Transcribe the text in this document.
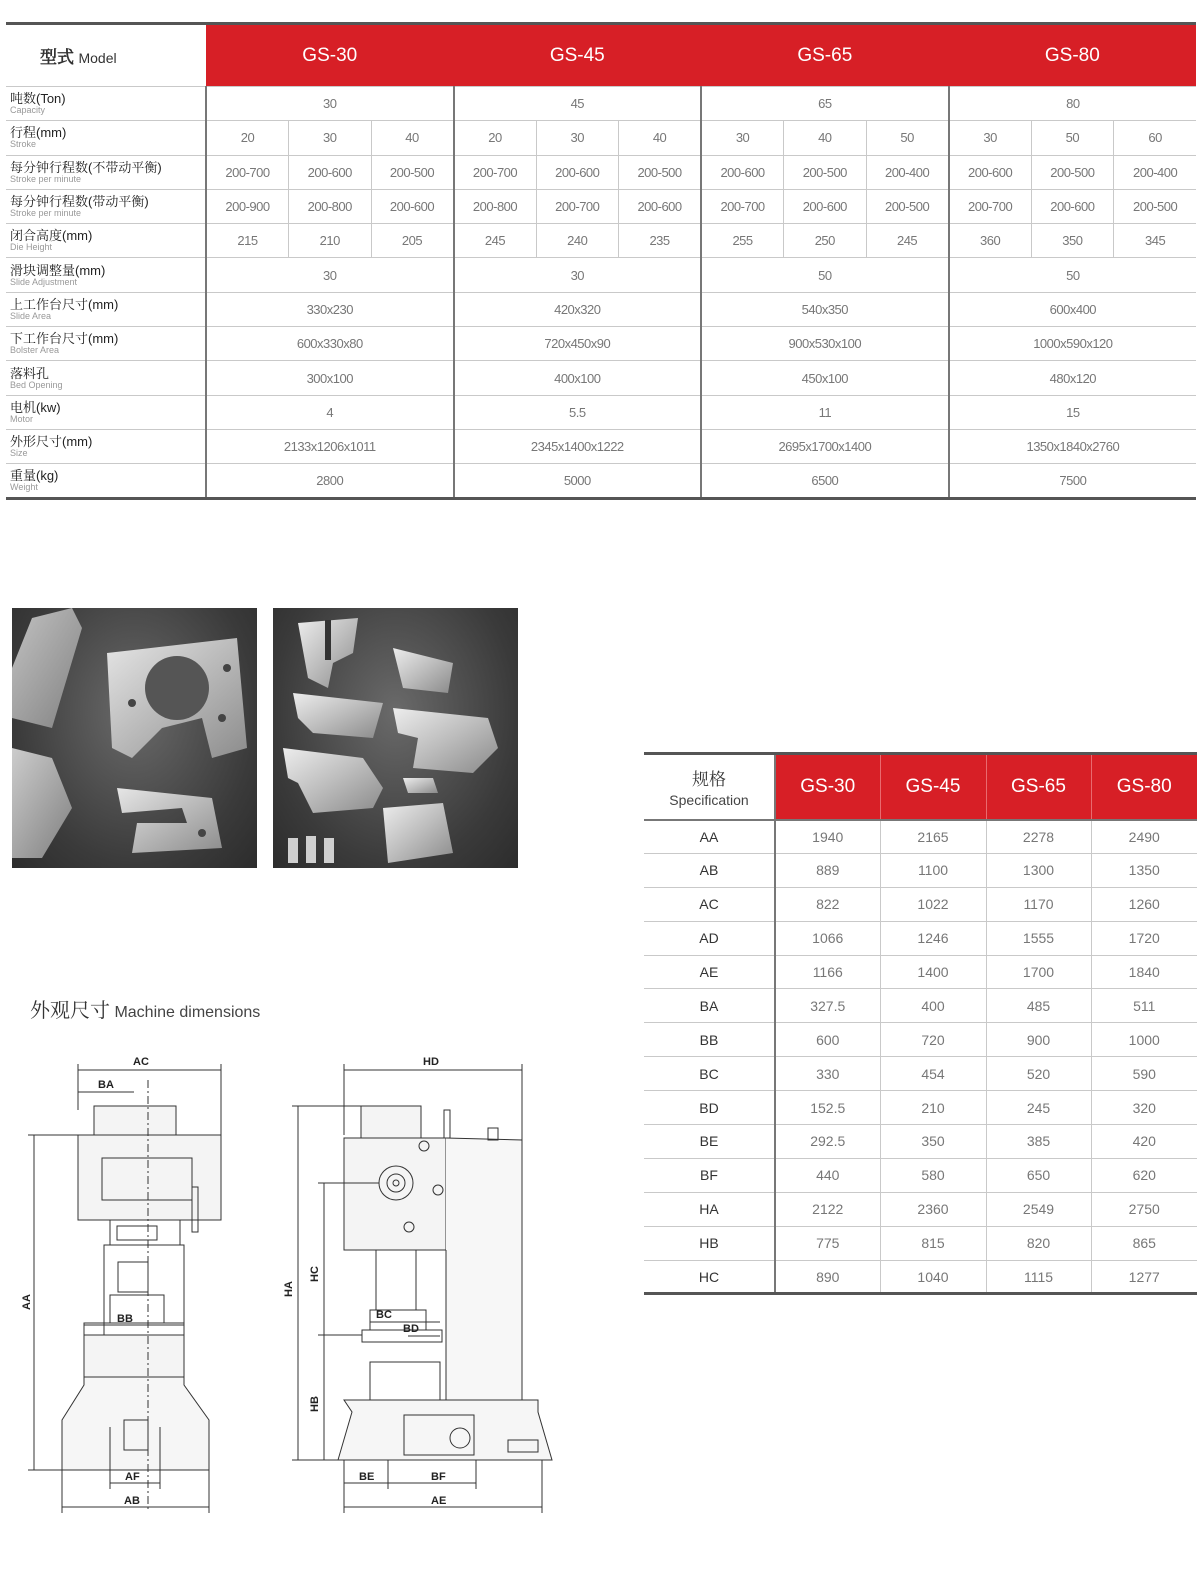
型式 Model	GS-30			GS-45			GS-65			GS-80		

吨数(Ton)
Capacity	30			45			65			80		

行程(mm)
Stroke	20	30	40	20	30	40	30	40	50	30	50	60

每分钟行程数(不带动平衡)
Stroke per minute	200-700	200-600	200-500	200-700	200-600	200-500	200-600	200-500	200-400	200-600	200-500	200-400

每分钟行程数(带动平衡)
Stroke per minute	200-900	200-800	200-600	200-800	200-700	200-600	200-700	200-600	200-500	200-700	200-600	200-500

闭合高度(mm)
Die Height	215	210	205	245	240	235	255	250	245	360	350	345

滑块调整量(mm)
Slide Adjustment	30			30			50			50		

上工作台尺寸(mm)
Slide Area	330x230			420x320			540x350			600x400		

下工作台尺寸(mm)
Bolster Area	600x330x80			720x450x90			900x530x100			1000x590x120		

落料孔
Bed Opening	300x100			400x100			450x100			480x120		

电机(kw)
Motor	4			5.5			11			15		

外形尺寸(mm)
Size	2133x1206x1011			2345x1400x1222			2695x1700x1400			1350x1840x2760		

重量(kg)
Weight	2800			5000			6500			7500		
外观尺寸 Machine dimensions
AC
BA
AA
BB
AF
AB
HD
HA
HC
BC
BD
HB
BE	BF
AE
规格
Specification	GS-30	GS-45	GS-65	GS-80
AA	1940	2165	2278	2490
AB	889	1100	1300	1350
AC	822	1022	1170	1260
AD	1066	1246	1555	1720
AE	1166	1400	1700	1840
BA	327.5	400	485	511
BB	600	720	900	1000
BC	330	454	520	590
BD	152.5	210	245	320
BE	292.5	350	385	420
BF	440	580	650	620
HA	2122	2360	2549	2750
HB	775	815	820	865
HC	890	1040	1115	1277
